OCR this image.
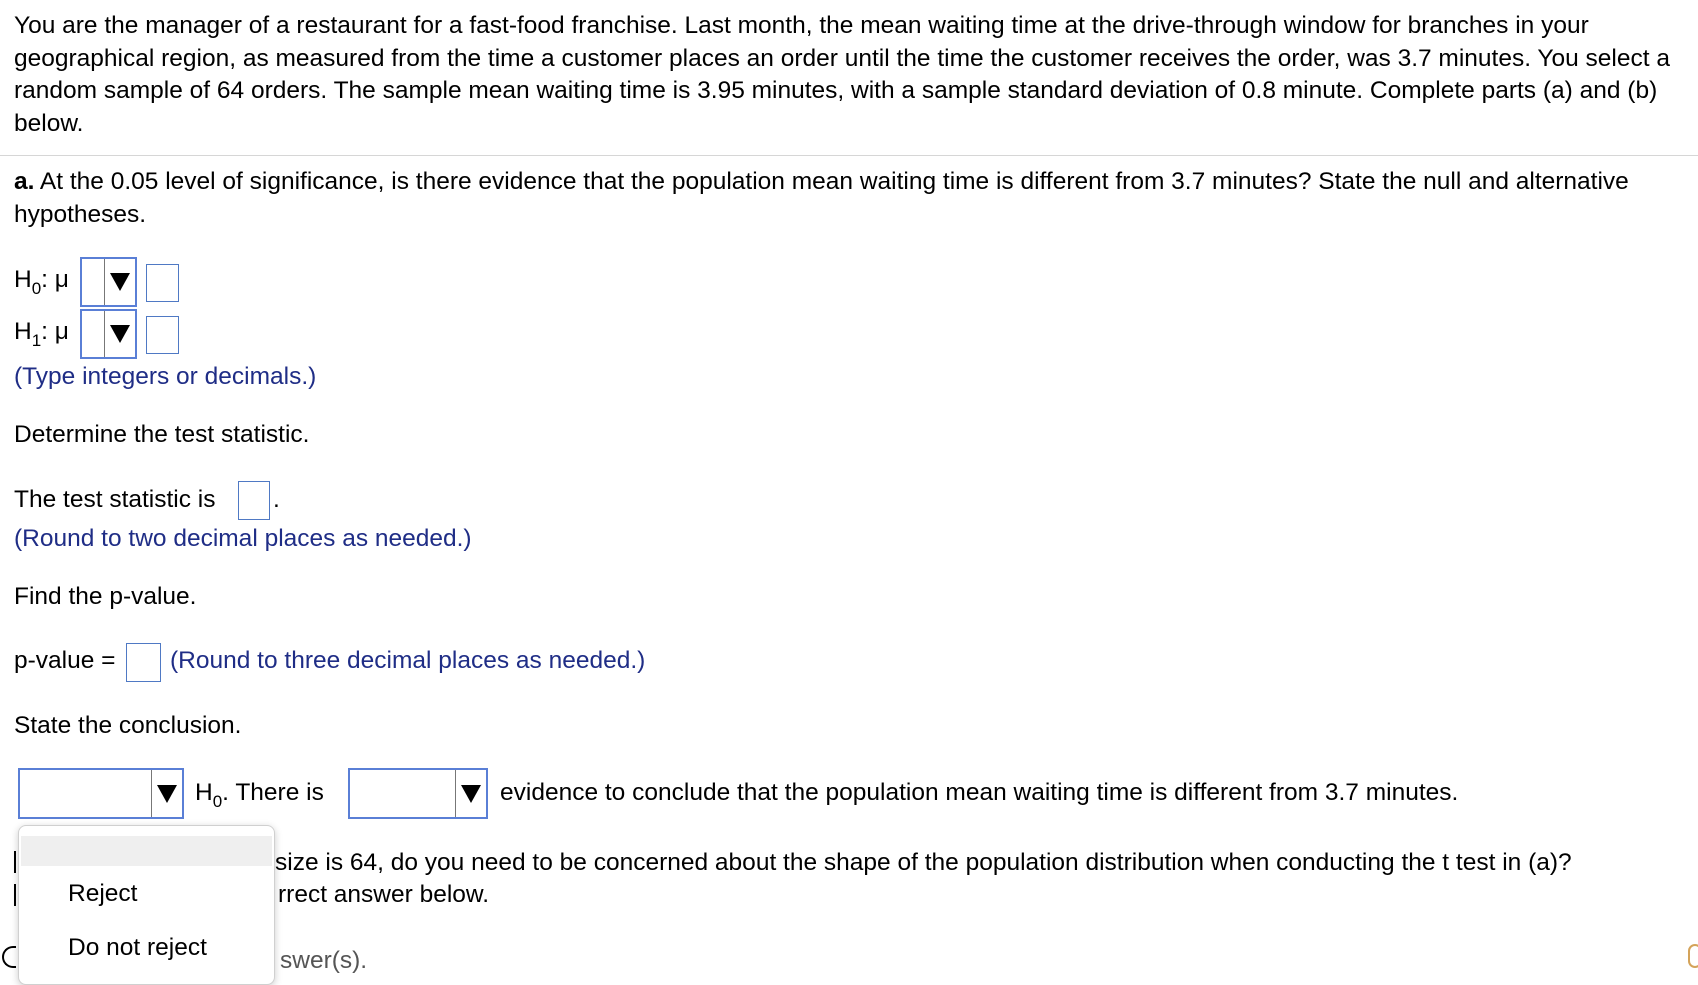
You are the manager of a restaurant for a fast-food franchise. Last month, the mean waiting time at the drive-through window for branches in your geographical region, as measured from the time a customer places an order until the time the customer receives the order, was 3.7 minutes. You select a random sample of 64 orders. The sample mean waiting time is 3.95 minutes, with a sample standard deviation of 0.8 minute. Complete parts (a) and (b) below.

a. At the 0.05 level of significance, is there evidence that the population mean waiting time is different from 3.7 minutes? State the null and alternative hypotheses.

$H_0$: μ
$H_1$: μ
(Type integers or decimals.)
Determine the test statistic.
The test statistic is .
(Round to two decimal places as needed.)
Find the p-value.
p-value = (Round to three decimal places as needed.)
State the conclusion.
$H_0$. There is	evidence to conclude that the population mean waiting time is different from 3.7 minutes.
size is 64, do you need to be concerned about the shape of the population distribution when conducting the t test in (a)?
rrect answer below.
swer(s).
Reject
Do not reject
